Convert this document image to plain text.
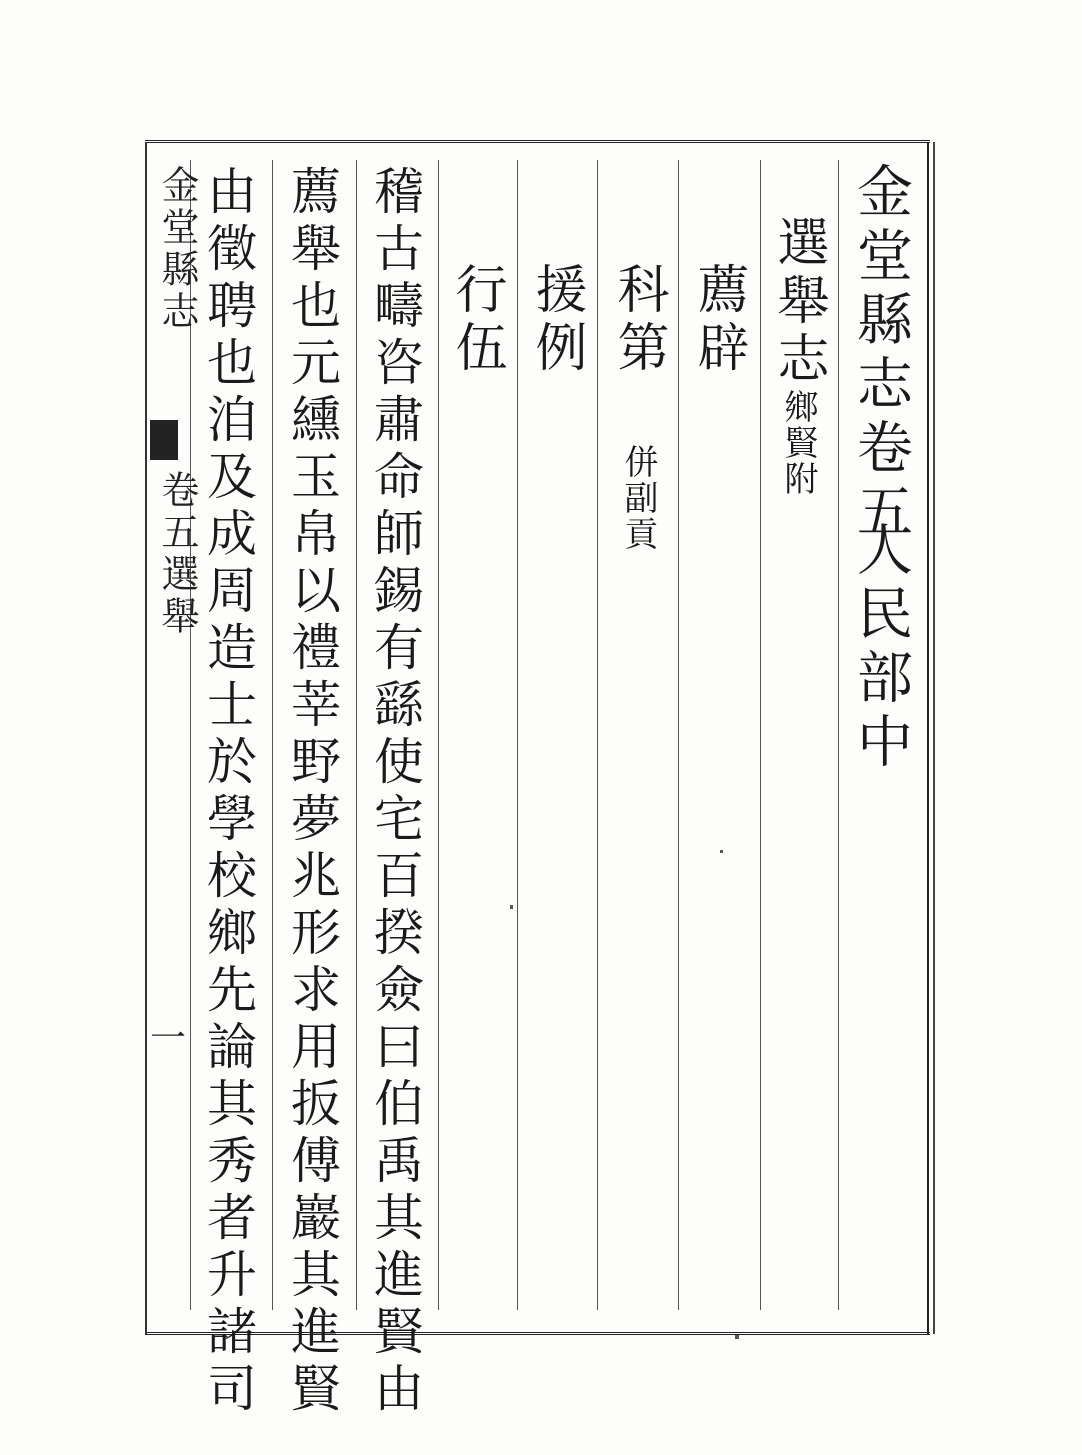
金堂縣志卷五
人民部中
選舉志鄉賢附
薦辟
科第 併副貢
援例
行伍
稽古疇咨肅命師錫有繇使宅百揆僉曰伯禹其進賢由
薦舉也元纁玉帛以禮莘野夢兆形求用扳傅巖其進賢
由徵聘也洎及成周造士於學校鄉先論其秀者升諸司
金堂縣志
卷五選舉
一
